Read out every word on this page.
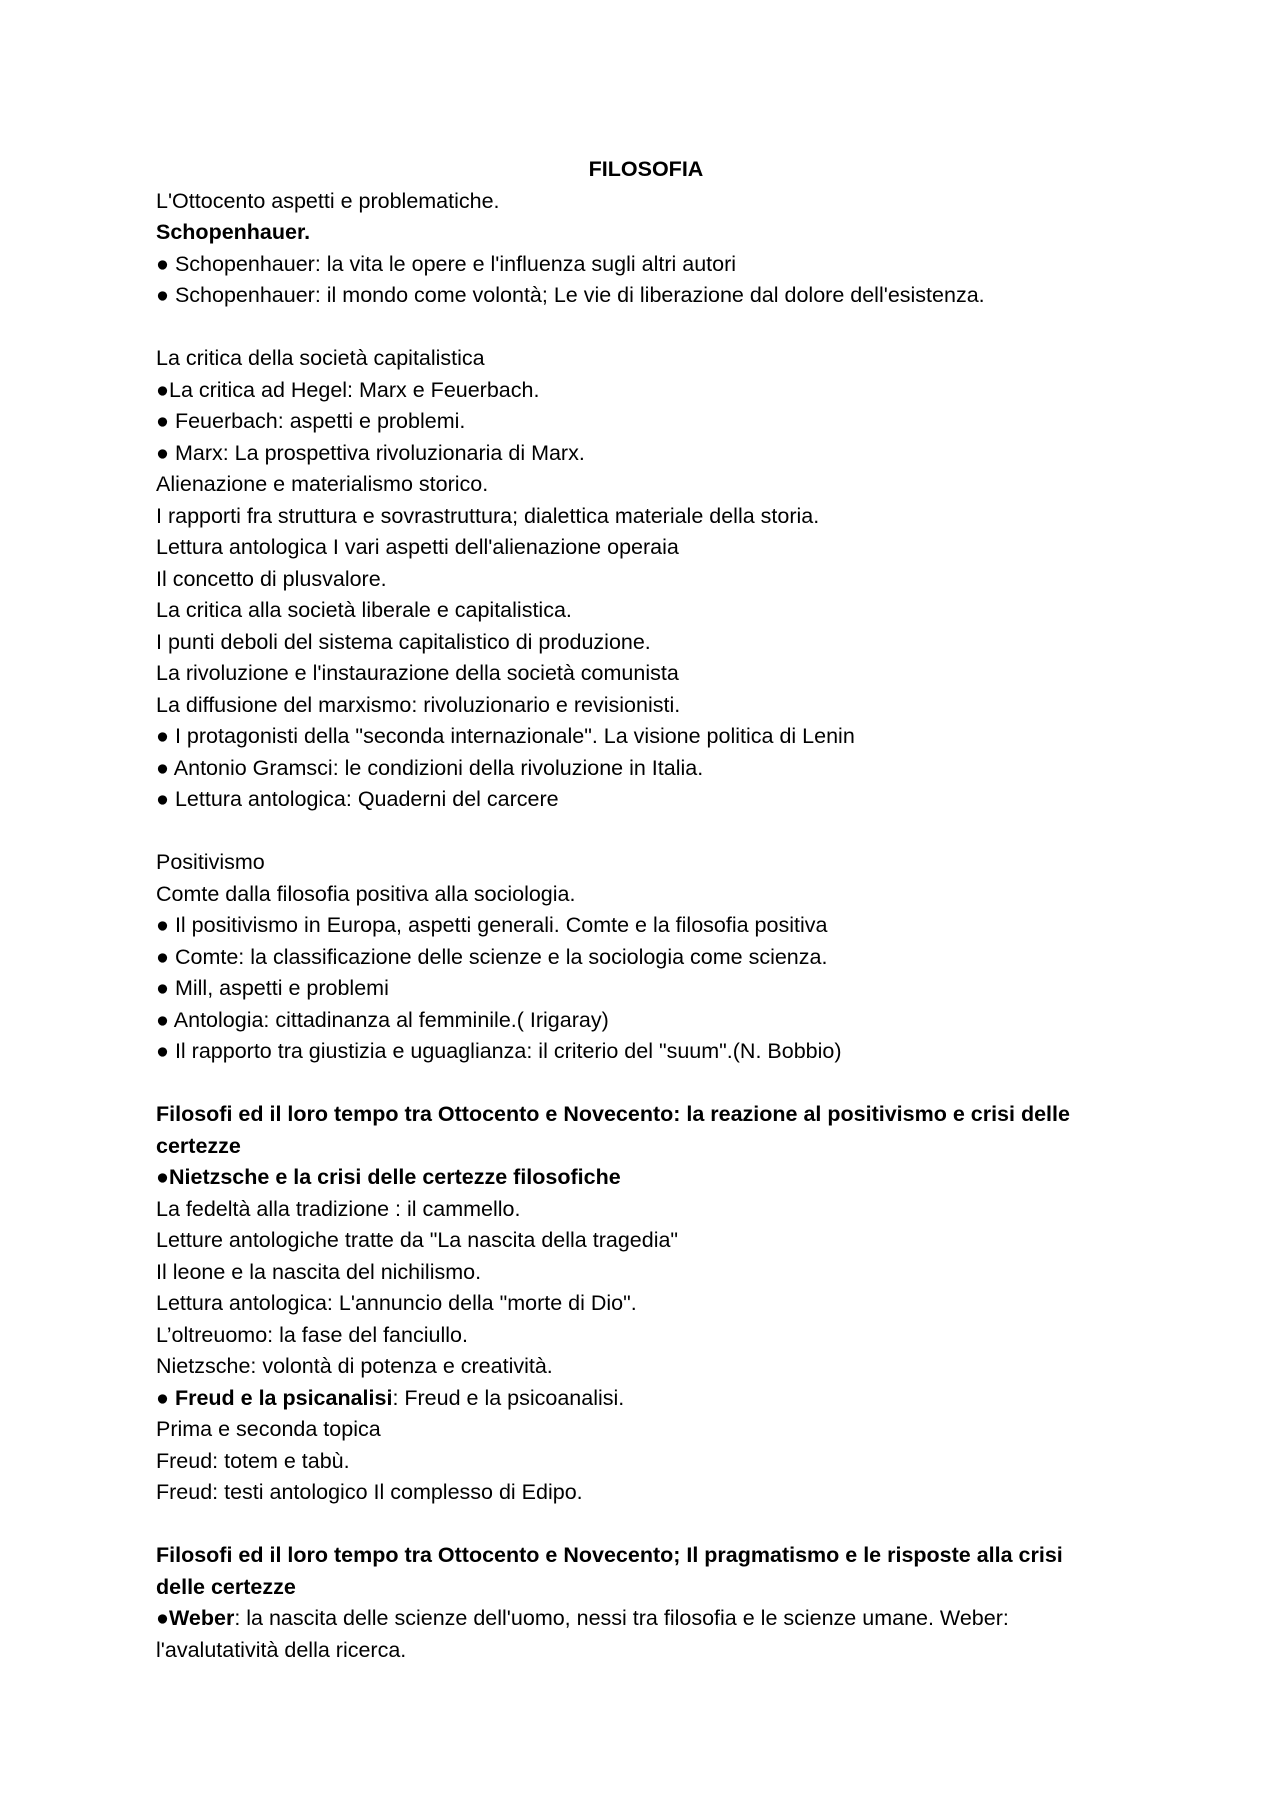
FILOSOFIA
L'Ottocento aspetti e problematiche.
Schopenhauer.
● Schopenhauer: la vita le opere e l'influenza sugli altri autori
● Schopenhauer: il mondo come volontà; Le vie di liberazione dal dolore dell'esistenza.
La critica della società capitalistica
●La critica ad Hegel: Marx e Feuerbach.
● Feuerbach: aspetti e problemi.
● Marx: La prospettiva rivoluzionaria di Marx.
Alienazione e materialismo storico.
I rapporti fra struttura e sovrastruttura; dialettica materiale della storia.
Lettura antologica I vari aspetti dell'alienazione operaia
Il concetto di plusvalore.
La critica alla società liberale e capitalistica.
I punti deboli del sistema capitalistico di produzione.
La rivoluzione e l'instaurazione della società comunista
La diffusione del marxismo: rivoluzionario e revisionisti.
● I protagonisti della "seconda internazionale". La visione politica di Lenin
● Antonio Gramsci: le condizioni della rivoluzione in Italia.
● Lettura antologica: Quaderni del carcere
Positivismo
Comte dalla filosofia positiva alla sociologia.
● Il positivismo in Europa, aspetti generali. Comte e la filosofia positiva
● Comte: la classificazione delle scienze e la sociologia come scienza.
● Mill, aspetti e problemi
● Antologia: cittadinanza al femminile.( Irigaray)
● Il rapporto tra giustizia e uguaglianza: il criterio del "suum".(N. Bobbio)
Filosofi ed il loro tempo tra Ottocento e Novecento: la reazione al positivismo e crisi delle certezze
●Nietzsche e la crisi delle certezze filosofiche
La fedeltà alla tradizione : il cammello.
Letture antologiche tratte da "La nascita della tragedia"
Il leone e la nascita del nichilismo.
Lettura antologica: L'annuncio della "morte di Dio".
L’oltreuomo: la fase del fanciullo.
Nietzsche: volontà di potenza e creatività.
● Freud e la psicanalisi: Freud e la psicoanalisi.
Prima e seconda topica
Freud: totem e tabù.
Freud: testi antologico Il complesso di Edipo.
Filosofi ed il loro tempo tra Ottocento e Novecento; Il pragmatismo e le risposte alla crisi delle certezze
●Weber: la nascita delle scienze dell'uomo, nessi tra filosofia e le scienze umane. Weber: l'avalutatività della ricerca.
